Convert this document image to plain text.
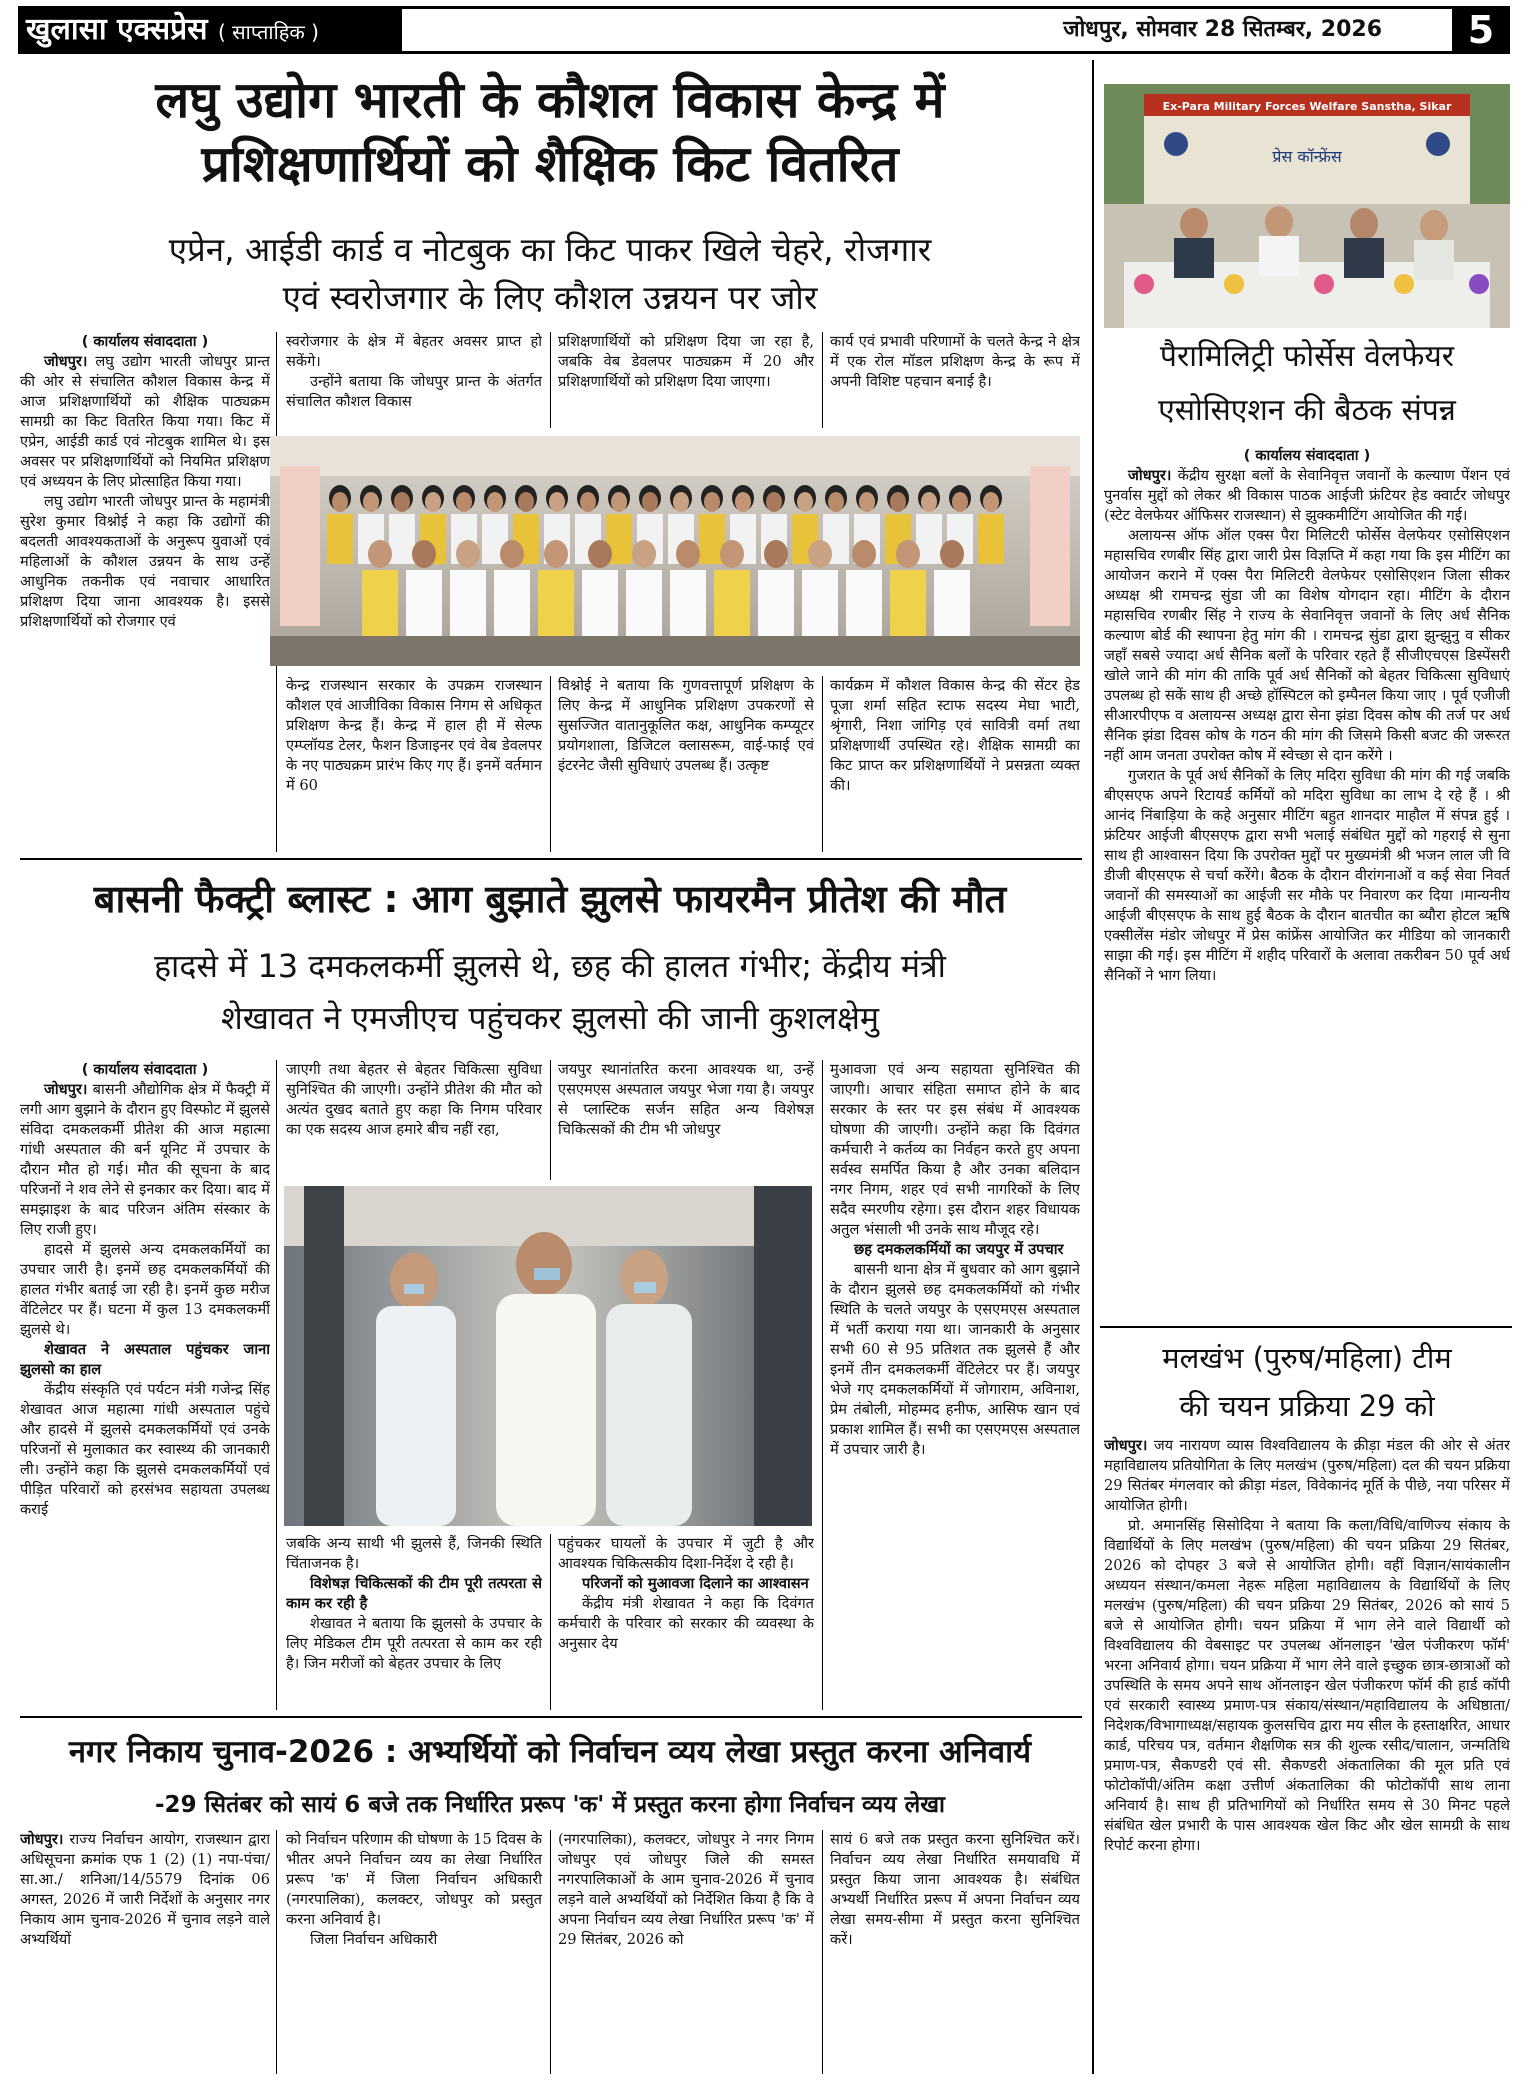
खुलासा एक्सप्रेस ( साप्ताहिक )	जोधपुर, सोमवार 28 सितम्बर, 2026	5
लघु उद्योग भारती के कौशल विकास केन्द्र में
प्रशिक्षणार्थियों को शैक्षिक किट वितरित
एप्रेन, आईडी कार्ड व नोटबुक का किट पाकर खिले चेहरे, रोजगार
एवं स्वरोजगार के लिए कौशल उन्नयन पर जोर
( कार्यालय संवाददाता )

जोधपुर। लघु उद्योग भारती जोधपुर प्रान्त की ओर से संचालित कौशल विकास केन्द्र में आज प्रशिक्षणार्थियों को शैक्षिक पाठ्यक्रम सामग्री का किट वितरित किया गया। किट में एप्रेन, आईडी कार्ड एवं नोटबुक शामिल थे। इस अवसर पर प्रशिक्षणार्थियों को नियमित प्रशिक्षण एवं अध्ययन के लिए प्रोत्साहित किया गया।

लघु उद्योग भारती जोधपुर प्रान्त के महामंत्री सुरेश कुमार विश्नोई ने कहा कि उद्योगों की बदलती आवश्यकताओं के अनुरूप युवाओं एवं महिलाओं के कौशल उन्नयन के साथ उन्हें आधुनिक तकनीक एवं नवाचार आधारित प्रशिक्षण दिया जाना आवश्यक है। इससे प्रशिक्षणार्थियों को रोजगार एवं

स्वरोजगार के क्षेत्र में बेहतर अवसर प्राप्त हो सकेंगे।

उन्होंने बताया कि जोधपुर प्रान्त के अंतर्गत संचालित कौशल विकास

प्रशिक्षणार्थियों को प्रशिक्षण दिया जा रहा है, जबकि वेब डेवलपर पाठ्यक्रम में 20 और प्रशिक्षणार्थियों को प्रशिक्षण दिया जाएगा।
कार्य एवं प्रभावी परिणामों के चलते केन्द्र ने क्षेत्र में एक रोल मॉडल प्रशिक्षण केन्द्र के रूप में अपनी विशिष्ट पहचान बनाई है।
केन्द्र राजस्थान सरकार के उपक्रम राजस्थान कौशल एवं आजीविका विकास निगम से अधिकृत प्रशिक्षण केन्द्र हैं। केन्द्र में हाल ही में सेल्फ एम्प्लॉयड टेलर, फैशन डिजाइनर एवं वेब डेवलपर के नए पाठ्यक्रम प्रारंभ किए गए हैं। इनमें वर्तमान में 60
विश्नोई ने बताया कि गुणवत्तापूर्ण प्रशिक्षण के लिए केन्द्र में आधुनिक प्रशिक्षण उपकरणों से सुसज्जित वातानुकूलित कक्ष, आधुनिक कम्प्यूटर प्रयोगशाला, डिजिटल क्लासरूम, वाई-फाई एवं इंटरनेट जैसी सुविधाएं उपलब्ध हैं। उत्कृष्ट
कार्यक्रम में कौशल विकास केन्द्र की सेंटर हेड पूजा शर्मा सहित स्टाफ सदस्य मेघा भाटी, श्रृंगारी, निशा जांगिड़ एवं सावित्री वर्मा तथा प्रशिक्षणार्थी उपस्थित रहे। शैक्षिक सामग्री का किट प्राप्त कर प्रशिक्षणार्थियों ने प्रसन्नता व्यक्त की।
बासनी फैक्ट्री ब्लास्ट : आग बुझाते झुलसे फायरमैन प्रीतेश की मौत
हादसे में 13 दमकलकर्मी झुलसे थे, छह की हालत गंभीर; केंद्रीय मंत्री
शेखावत ने एमजीएच पहुंचकर झुलसो की जानी कुशलक्षेमु
( कार्यालय संवाददाता )

जोधपुर। बासनी औद्योगिक क्षेत्र में फैक्ट्री में लगी आग बुझाने के दौरान हुए विस्फोट में झुलसे संविदा दमकलकर्मी प्रीतेश की आज महात्मा गांधी अस्पताल की बर्न यूनिट में उपचार के दौरान मौत हो गई। मौत की सूचना के बाद परिजनों ने शव लेने से इनकार कर दिया। बाद में समझाइश के बाद परिजन अंतिम संस्कार के लिए राजी हुए।

हादसे में झुलसे अन्य दमकलकर्मियों का उपचार जारी है। इनमें छह दमकलकर्मियों की हालत गंभीर बताई जा रही है। इनमें कुछ मरीज वेंटिलेटर पर हैं। घटना में कुल 13 दमकलकर्मी झुलसे थे।

शेखावत ने अस्पताल पहुंचकर जाना झुलसो का हाल

केंद्रीय संस्कृति एवं पर्यटन मंत्री गजेन्द्र सिंह शेखावत आज महात्मा गांधी अस्पताल पहुंचे और हादसे में झुलसे दमकलकर्मियों एवं उनके परिजनों से मुलाकात कर स्वास्थ्य की जानकारी ली। उन्होंने कहा कि झुलसे दमकलकर्मियों एवं पीड़ित परिवारों को हरसंभव सहायता उपलब्ध कराई

जाएगी तथा बेहतर से बेहतर चिकित्सा सुविधा सुनिश्चित की जाएगी। उन्होंने प्रीतेश की मौत को अत्यंत दुखद बताते हुए कहा कि निगम परिवार का एक सदस्य आज हमारे बीच नहीं रहा,
जयपुर स्थानांतरित करना आवश्यक था, उन्हें एसएमएस अस्पताल जयपुर भेजा गया है। जयपुर से प्लास्टिक सर्जन सहित अन्य विशेषज्ञ चिकित्सकों की टीम भी जोधपुर
जबकि अन्य साथी भी झुलसे हैं, जिनकी स्थिति चिंताजनक है।

विशेषज्ञ चिकित्सकों की टीम पूरी तत्परता से काम कर रही है

शेखावत ने बताया कि झुलसो के उपचार के लिए मेडिकल टीम पूरी तत्परता से काम कर रही है। जिन मरीजों को बेहतर उपचार के लिए

पहुंचकर घायलों के उपचार में जुटी है और आवश्यक चिकित्सकीय दिशा-निर्देश दे रही है।

परिजनों को मुआवजा दिलाने का आश्वासन

केंद्रीय मंत्री शेखावत ने कहा कि दिवंगत कर्मचारी के परिवार को सरकार की व्यवस्था के अनुसार देय

मुआवजा एवं अन्य सहायता सुनिश्चित की जाएगी। आचार संहिता समाप्त होने के बाद सरकार के स्तर पर इस संबंध में आवश्यक घोषणा की जाएगी। उन्होंने कहा कि दिवंगत कर्मचारी ने कर्तव्य का निर्वहन करते हुए अपना सर्वस्व समर्पित किया है और उनका बलिदान नगर निगम, शहर एवं सभी नागरिकों के लिए सदैव स्मरणीय रहेगा। इस दौरान शहर विधायक अतुल भंसाली भी उनके साथ मौजूद रहे।

छह दमकलकर्मियों का जयपुर में उपचार

बासनी थाना क्षेत्र में बुधवार को आग बुझाने के दौरान झुलसे छह दमकलकर्मियों को गंभीर स्थिति के चलते जयपुर के एसएमएस अस्पताल में भर्ती कराया गया था। जानकारी के अनुसार सभी 60 से 95 प्रतिशत तक झुलसे हैं और इनमें तीन दमकलकर्मी वेंटिलेटर पर हैं। जयपुर भेजे गए दमकलकर्मियों में जोगाराम, अविनाश, प्रेम तंबोली, मोहम्मद हनीफ, आसिफ खान एवं प्रकाश शामिल हैं। सभी का एसएमएस अस्पताल में उपचार जारी है।

नगर निकाय चुनाव-2026 : अभ्यर्थियों को निर्वाचन व्यय लेखा प्रस्तुत करना अनिवार्य
-29 सितंबर को सायं 6 बजे तक निर्धारित प्ररूप 'क' में प्रस्तुत करना होगा निर्वाचन व्यय लेखा
जोधपुर। राज्य निर्वाचन आयोग, राजस्थान द्वारा अधिसूचना क्रमांक एफ 1 (2) (1) नपा-पंचा/सा.आ./ शनिआ/14/5579 दिनांक 06 अगस्त, 2026 में जारी निर्देशों के अनुसार नगर निकाय आम चुनाव-2026 में चुनाव लड़ने वाले अभ्यर्थियों
को निर्वाचन परिणाम की घोषणा के 15 दिवस के भीतर अपने निर्वाचन व्यय का लेखा निर्धारित प्ररूप 'क' में जिला निर्वाचन अधिकारी (नगरपालिका), कलक्टर, जोधपुर को प्रस्तुत करना अनिवार्य है।

जिला निर्वाचन अधिकारी

(नगरपालिका), कलक्टर, जोधपुर ने नगर निगम जोधपुर एवं जोधपुर जिले की समस्त नगरपालिकाओं के आम चुनाव-2026 में चुनाव लड़ने वाले अभ्यर्थियों को निर्देशित किया है कि वे अपना निर्वाचन व्यय लेखा निर्धारित प्ररूप 'क' में 29 सितंबर, 2026 को
सायं 6 बजे तक प्रस्तुत करना सुनिश्चित करें। निर्वाचन व्यय लेखा निर्धारित समयावधि में प्रस्तुत किया जाना आवश्यक है। संबंधित अभ्यर्थी निर्धारित प्ररूप में अपना निर्वाचन व्यय लेखा समय-सीमा में प्रस्तुत करना सुनिश्चित करें।
Ex-Para Military Forces Welfare Sanstha, Sikar
प्रेस कॉन्फ्रेंस
पैरामिलिट्री फोर्सेस वेलफेयर
एसोसिएशन की बैठक संपन्न
( कार्यालय संवाददाता )

जोधपुर। केंद्रीय सुरक्षा बलों के सेवानिवृत्त जवानों के कल्याण पेंशन एवं पुनर्वास मुद्दों को लेकर श्री विकास पाठक आईजी फ्रंटियर हेड क्वार्टर जोधपुर (स्टेट वेलफेयर ऑफिसर राजस्थान) से झुक्कमीटिंग आयोजित की गई।

अलायन्स ऑफ ऑल एक्स पैरा मिलिटरी फोर्सेस वेलफेयर एसोसिएशन महासचिव रणबीर सिंह द्वारा जारी प्रेस विज्ञप्ति में कहा गया कि इस मीटिंग का आयोजन कराने में एक्स पैरा मिलिटरी वेलफेयर एसोसिएशन जिला सीकर अध्यक्ष श्री रामचन्द्र सुंडा जी का विशेष योगदान रहा। मीटिंग के दौरान महासचिव रणबीर सिंह ने राज्य के सेवानिवृत्त जवानों के लिए अर्ध सैनिक कल्याण बोर्ड की स्थापना हेतु मांग की । रामचन्द्र सुंडा द्वारा झुन्झुनु व सीकर जहाँ सबसे ज्यादा अर्ध सैनिक बलों के परिवार रहते हैं सीजीएचएस डिस्पेंसरी खोले जाने की मांग की ताकि पूर्व अर्ध सैनिकों को बेहतर चिकित्सा सुविधाएं उपलब्ध हो सकें साथ ही अच्छे हॉस्पिटल को इम्पैनल किया जाए । पूर्व एजीजी सीआरपीएफ व अलायन्स अध्यक्ष द्वारा सेना झंडा दिवस कोष की तर्ज पर अर्ध सैनिक झंडा दिवस कोष के गठन की मांग की जिसमे किसी बजट की जरूरत नहीं आम जनता उपरोक्त कोष में स्वेच्छा से दान करेंगे ।

गुजरात के पूर्व अर्ध सैनिकों के लिए मदिरा सुविधा की मांग की गई जबकि बीएसएफ अपने रिटायर्ड कर्मियों को मदिरा सुविधा का लाभ दे रहे हैं । श्री आनंद निंबाड़िया के कहे अनुसार मीटिंग बहुत शानदार माहौल में संपन्न हुई । फ्रंटियर आईजी बीएसएफ द्वारा सभी भलाई संबंधित मुद्दों को गहराई से सुना साथ ही आश्वासन दिया कि उपरोक्त मुद्दों पर मुख्यमंत्री श्री भजन लाल जी वि डीजी बीएसएफ से चर्चा करेंगे। बैठक के दौरान वीरांगनाओं व कई सेवा निवर्त जवानों की समस्याओं का आईजी सर मौके पर निवारण कर दिया ।मान्यनीय आईजी बीएसएफ के साथ हुई बैठक के दौरान बातचीत का ब्यौरा होटल ऋषि एक्सीलेंस मंडोर जोधपुर में प्रेस कांफ्रेंस आयोजित कर मीडिया को जानकारी साझा की गई। इस मीटिंग में शहीद परिवारों के अलावा तकरीबन 50 पूर्व अर्ध सैनिकों ने भाग लिया।

मलखंभ (पुरुष/महिला) टीम
की चयन प्रक्रिया 29 को
जोधपुर। जय नारायण व्यास विश्वविद्यालय के क्रीड़ा मंडल की ओर से अंतर महाविद्यालय प्रतियोगिता के लिए मलखंभ (पुरुष/महिला) दल की चयन प्रक्रिया 29 सितंबर मंगलवार को क्रीड़ा मंडल, विवेकानंद मूर्ति के पीछे, नया परिसर में आयोजित होगी।

प्रो. अमानसिंह सिसोदिया ने बताया कि कला/विधि/वाणिज्य संकाय के विद्यार्थियों के लिए मलखंभ (पुरुष/महिला) की चयन प्रक्रिया 29 सितंबर, 2026 को दोपहर 3 बजे से आयोजित होगी। वहीं विज्ञान/सायंकालीन अध्ययन संस्थान/कमला नेहरू महिला महाविद्यालय के विद्यार्थियों के लिए मलखंभ (पुरुष/महिला) की चयन प्रक्रिया 29 सितंबर, 2026 को सायं 5 बजे से आयोजित होगी। चयन प्रक्रिया में भाग लेने वाले विद्यार्थी को विश्वविद्यालय की वेबसाइट पर उपलब्ध ऑनलाइन 'खेल पंजीकरण फॉर्म' भरना अनिवार्य होगा। चयन प्रक्रिया में भाग लेने वाले इच्छुक छात्र-छात्राओं को उपस्थिति के समय अपने साथ ऑनलाइन खेल पंजीकरण फॉर्म की हार्ड कॉपी एवं सरकारी स्वास्थ्य प्रमाण-पत्र संकाय/संस्थान/महाविद्यालय के अधिष्ठाता/निदेशक/विभागाध्यक्ष/सहायक कुलसचिव द्वारा मय सील के हस्ताक्षरित, आधार कार्ड, परिचय पत्र, वर्तमान शैक्षणिक सत्र की शुल्क रसीद/चालान, जन्मतिथि प्रमाण-पत्र, सैकण्डरी एवं सी. सैकण्डरी अंकतालिका की मूल प्रति एवं फोटोकॉपी/अंतिम कक्षा उत्तीर्ण अंकतालिका की फोटोकॉपी साथ लाना अनिवार्य है। साथ ही प्रतिभागियों को निर्धारित समय से 30 मिनट पहले संबंधित खेल प्रभारी के पास आवश्यक खेल किट और खेल सामग्री के साथ रिपोर्ट करना होगा।
